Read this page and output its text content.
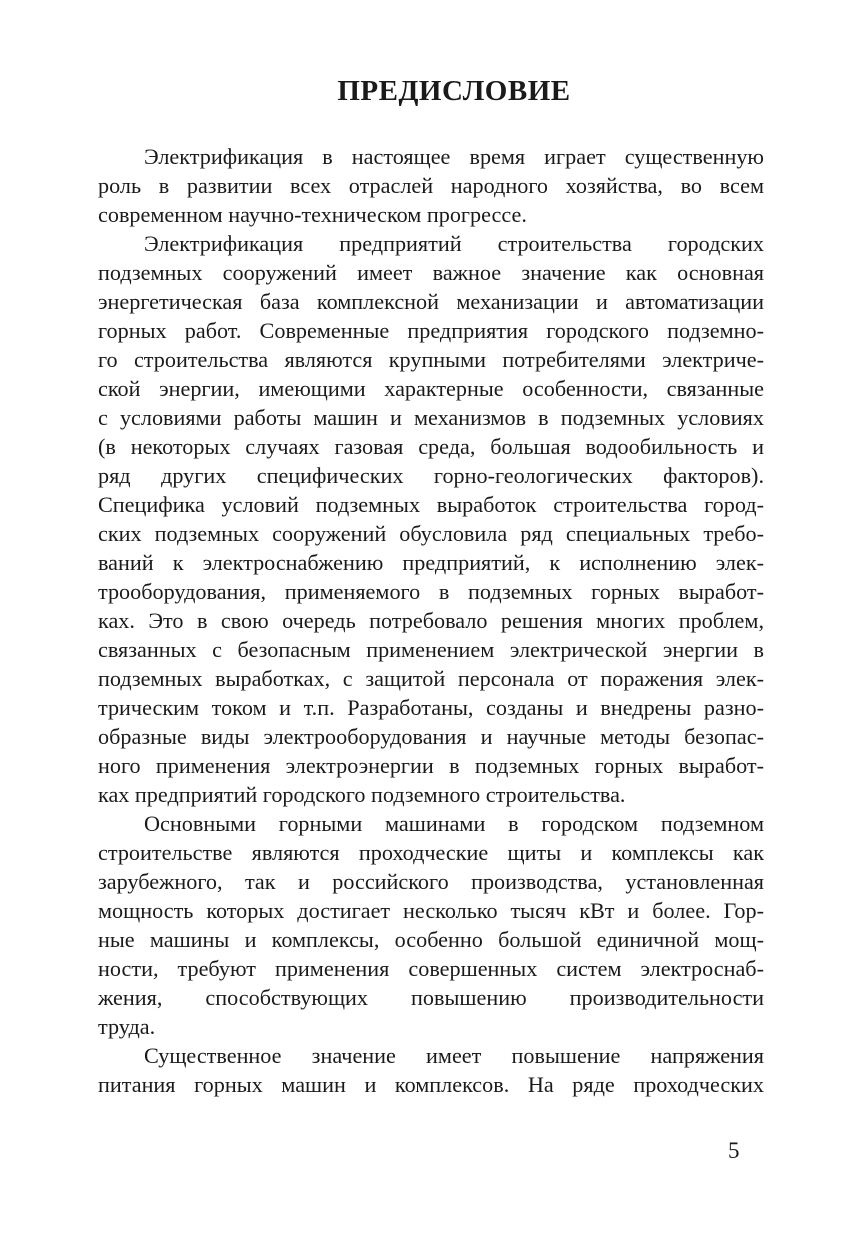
ПРЕДИСЛОВИЕ
Электрификация в настоящее время играет существенную
роль в развитии всех отраслей народного хозяйства, во всем
современном научно-техническом прогрессе.
Электрификация предприятий строительства городских
подземных сооружений имеет важное значение как основная
энергетическая база комплексной механизации и автоматизации
горных работ. Современные предприятия городского подземно-
го строительства являются крупными потребителями электриче-
ской энергии, имеющими характерные особенности, связанные
с условиями работы машин и механизмов в подземных условиях
(в некоторых случаях газовая среда, большая водообильность и
ряд других специфических горно-геологических факторов).
Специфика условий подземных выработок строительства город-
ских подземных сооружений обусловила ряд специальных требо-
ваний к электроснабжению предприятий, к исполнению элек-
трооборудования, применяемого в подземных горных выработ-
ках. Это в свою очередь потребовало решения многих проблем,
связанных с безопасным применением электрической энергии в
подземных выработках, с защитой персонала от поражения элек-
трическим током и т.п. Разработаны, созданы и внедрены разно-
образные виды электрооборудования и научные методы безопас-
ного применения электроэнергии в подземных горных выработ-
ках предприятий городского подземного строительства.
Основными горными машинами в городском подземном
строительстве являются проходческие щиты и комплексы как
зарубежного, так и российского производства, установленная
мощность которых достигает несколько тысяч кВт и более. Гор-
ные машины и комплексы, особенно большой единичной мощ-
ности, требуют применения совершенных систем электроснаб-
жения, способствующих повышению производительности
труда.
Существенное значение имеет повышение напряжения
питания горных машин и комплексов. На ряде проходческих
5
